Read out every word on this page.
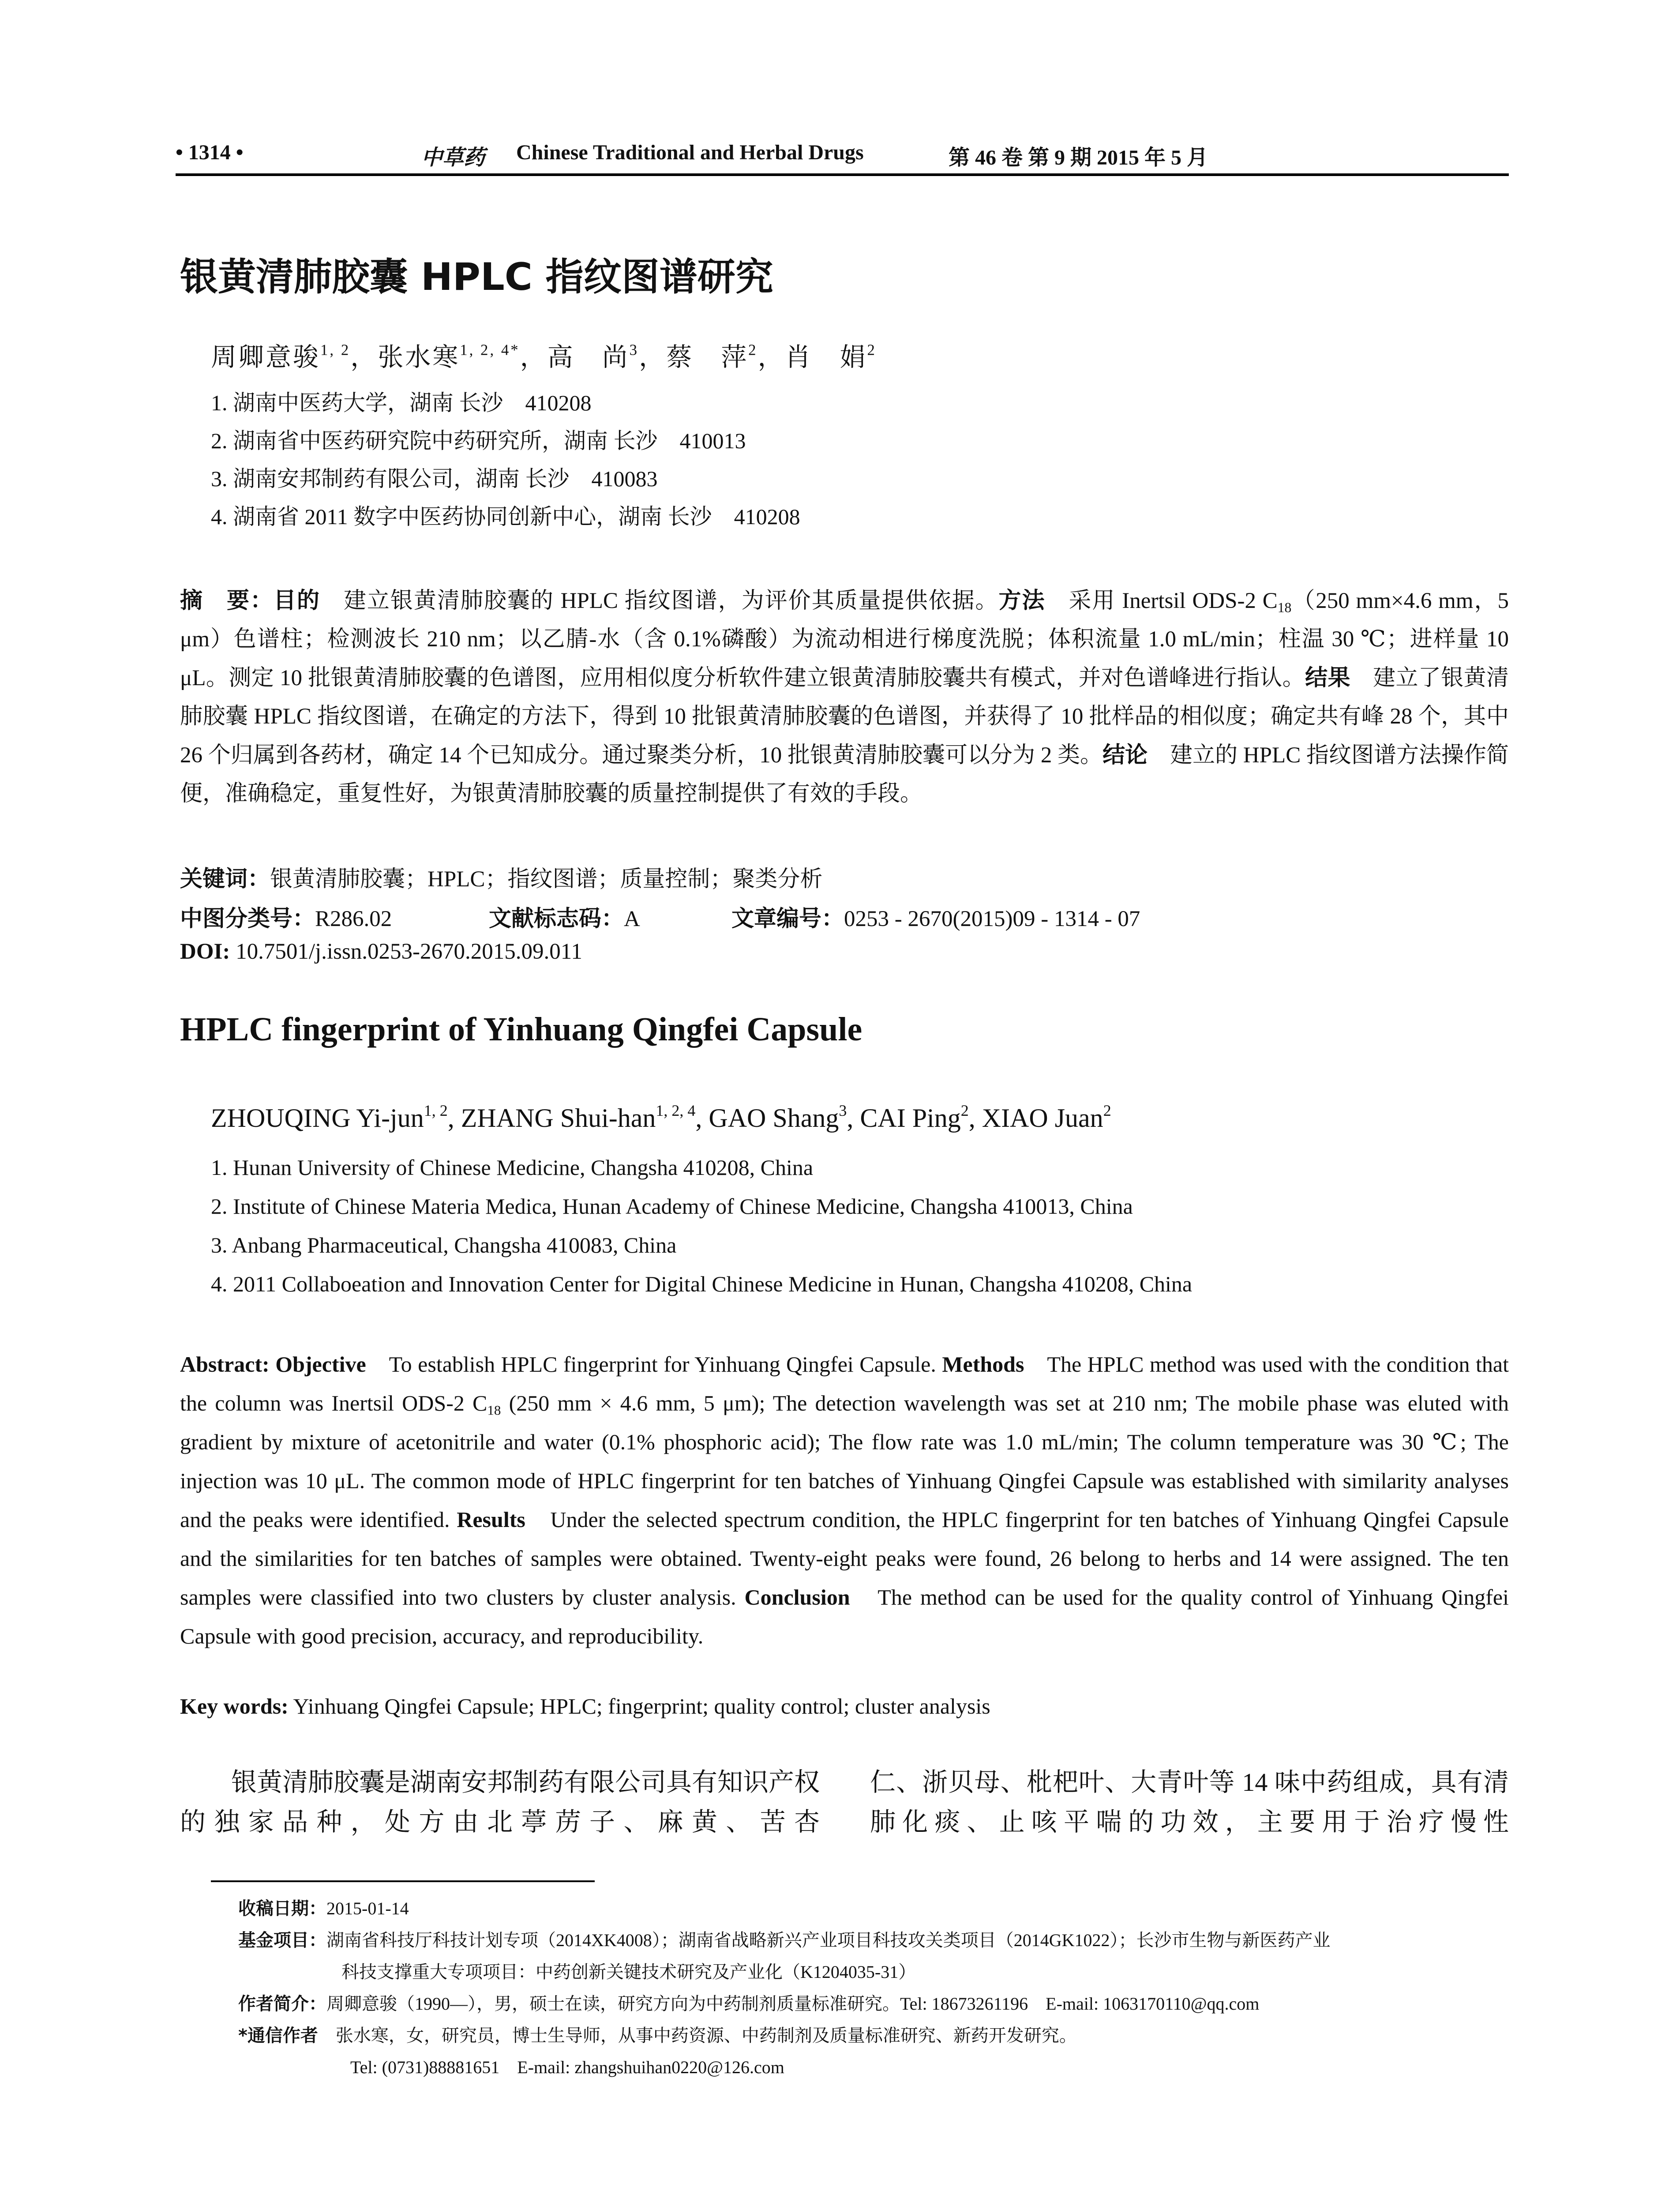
• 1314 •	中草药 Chinese Traditional and Herbal Drugs	第 46 卷 第 9 期 2015 年 5 月
银黄清肺胶囊 HPLC 指纹图谱研究
周卿意骏$^{1, 2}$，张水寒$^{1, 2, 4*}$，高　尚$^3$，蔡　萍$^2$，肖　娟$^2$
1. 湖南中医药大学，湖南 长沙　410208
2. 湖南省中医药研究院中药研究所，湖南 长沙　410013
3. 湖南安邦制药有限公司，湖南 长沙　410083
4. 湖南省 2011 数字中医药协同创新中心，湖南 长沙　410208
摘　要：目的　建立银黄清肺胶囊的 HPLC 指纹图谱，为评价其质量提供依据。方法　采用 Inertsil ODS-2 $C_{18}(250$ mm×4.6 mm，5 μm）色谱柱；检测波长 210 nm；以乙腈-水（含 0.1%磷酸）为流动相进行梯度洗脱；体积流量 1.0 mL/min；柱温 30 ℃；进样量 10 μL。测定 10 批银黄清肺胶囊的色谱图，应用相似度分析软件建立银黄清肺胶囊共有模式，并对色谱峰进行指认。结果　建立了银黄清肺胶囊 HPLC 指纹图谱，在确定的方法下，得到 10 批银黄清肺胶囊的色谱图，并获得了 10 批样品的相似度；确定共有峰 28 个，其中 26 个归属到各药材，确定 14 个已知成分。通过聚类分析，10 批银黄清肺胶囊可以分为 2 类。结论　建立的 HPLC 指纹图谱方法操作简便，准确稳定，重复性好，为银黄清肺胶囊的质量控制提供了有效的手段。
关键词：银黄清肺胶囊；HPLC；指纹图谱；质量控制；聚类分析
中图分类号：R286.02	文献标志码：A	文章编号：0253 - 2670(2015)09 - 1314 - 07
DOI: 10.7501/j.issn.0253-2670.2015.09.011
HPLC fingerprint of Yinhuang Qingfei Capsule
ZHOUQING Yi-jun$^{1, 2}$, ZHANG Shui-han$^{1, 2, 4}$, GAO Shang$^3$, CAI Ping$^2$, XIAO Juan$^2$
1. Hunan University of Chinese Medicine, Changsha 410208, China
2. Institute of Chinese Materia Medica, Hunan Academy of Chinese Medicine, Changsha 410013, China
3. Anbang Pharmaceutical, Changsha 410083, China
4. 2011 Collaboeation and Innovation Center for Digital Chinese Medicine in Hunan, Changsha 410208, China
Abstract: Objective　To establish HPLC fingerprint for Yinhuang Qingfei Capsule. Methods　The HPLC method was used with the condition that the column was Inertsil ODS-2 $C_{18}$ (250 mm × 4.6 mm, 5 μm); The detection wavelength was set at 210 nm; The mobile phase was eluted with gradient by mixture of acetonitrile and water (0.1% phosphoric acid); The flow rate was 1.0 mL/min; The column temperature was 30 ℃; The injection was 10 μL. The common mode of HPLC fingerprint for ten batches of Yinhuang Qingfei Capsule was established with similarity analyses and the peaks were identified. Results　Under the selected spectrum condition, the HPLC fingerprint for ten batches of Yinhuang Qingfei Capsule and the similarities for ten batches of samples were obtained. Twenty-eight peaks were found, 26 belong to herbs and 14 were assigned. The ten samples were classified into two clusters by cluster analysis. Conclusion　The method can be used for the quality control of Yinhuang Qingfei Capsule with good precision, accuracy, and reproducibility.
Key words: Yinhuang Qingfei Capsule; HPLC; fingerprint; quality control; cluster analysis
　　银黄清肺胶囊是湖南安邦制药有限公司具有知识产权的独家品种，处方由北葶苈子、麻黄、苦杏
仁、浙贝母、枇杷叶、大青叶等 14 味中药组成，具有清肺化痰、止咳平喘的功效，主要用于治疗慢性
收稿日期：2015-01-14
基金项目：湖南省科技厅科技计划专项（2014XK4008）；湖南省战略新兴产业项目科技攻关类项目（2014GK1022）；长沙市生物与新医药产业
科技支撑重大专项项目：中药创新关键技术研究及产业化（K1204035-31）
作者简介：周卿意骏（1990—），男，硕士在读，研究方向为中药制剂质量标准研究。Tel: 18673261196　E-mail: 1063170110@qq.com
*通信作者　张水寒，女，研究员，博士生导师，从事中药资源、中药制剂及质量标准研究、新药开发研究。
Tel: (0731)88881651　E-mail: zhangshuihan0220@126.com
